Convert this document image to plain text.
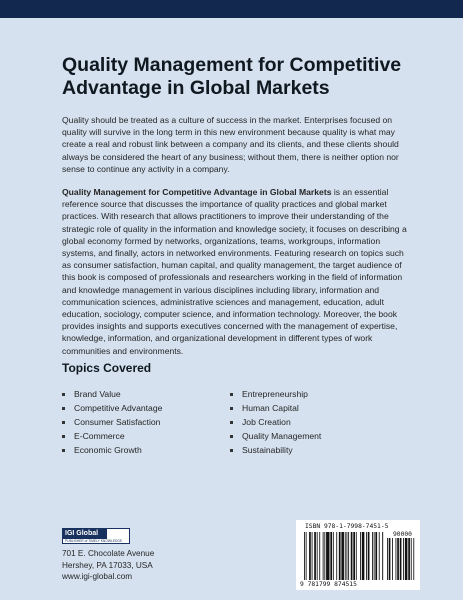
Quality Management for Competitive
Advantage in Global Markets

Quality should be treated as a culture of success in the market. Enterprises focused on quality will survive in the long term in this new environment because quality is what may create a real and robust link between a company and its clients, and these clients should always be considered the heart of any business; without them, there is neither option nor sense to continue any activity in a company.

Quality Management for Competitive Advantage in Global Markets is an essential reference source that discusses the importance of quality practices and global market practices. With research that allows practitioners to improve their understanding of the strategic role of quality in the information and knowledge society, it focuses on describing a global economy formed by networks, organizations, teams, workgroups, information systems, and finally, actors in networked environments. Featuring research on topics such as consumer satisfaction, human capital, and quality management, the target audience of this book is composed of professionals and researchers working in the field of information and knowledge management in various disciplines including library, information and communication sciences, administrative sciences and management, education, adult education, sociology, computer science, and information technology. Moreover, the book provides insights and supports executives concerned with the management of expertise, knowledge, information, and organizational development in different types of work communities and environments.

Topics Covered
Brand Value
Competitive Advantage
Consumer Satisfaction
E-Commerce
Economic Growth
Entrepreneurship
Human Capital
Job Creation
Quality Management
Sustainability
IGI Global
PUBLISHER of TIMELY KNOWLEDGE

701 E. Chocolate Avenue
Hershey, PA 17033, USA
www.igi-global.com

ISBN 978-1-7998-7451-5
90000
9 781799 874515
